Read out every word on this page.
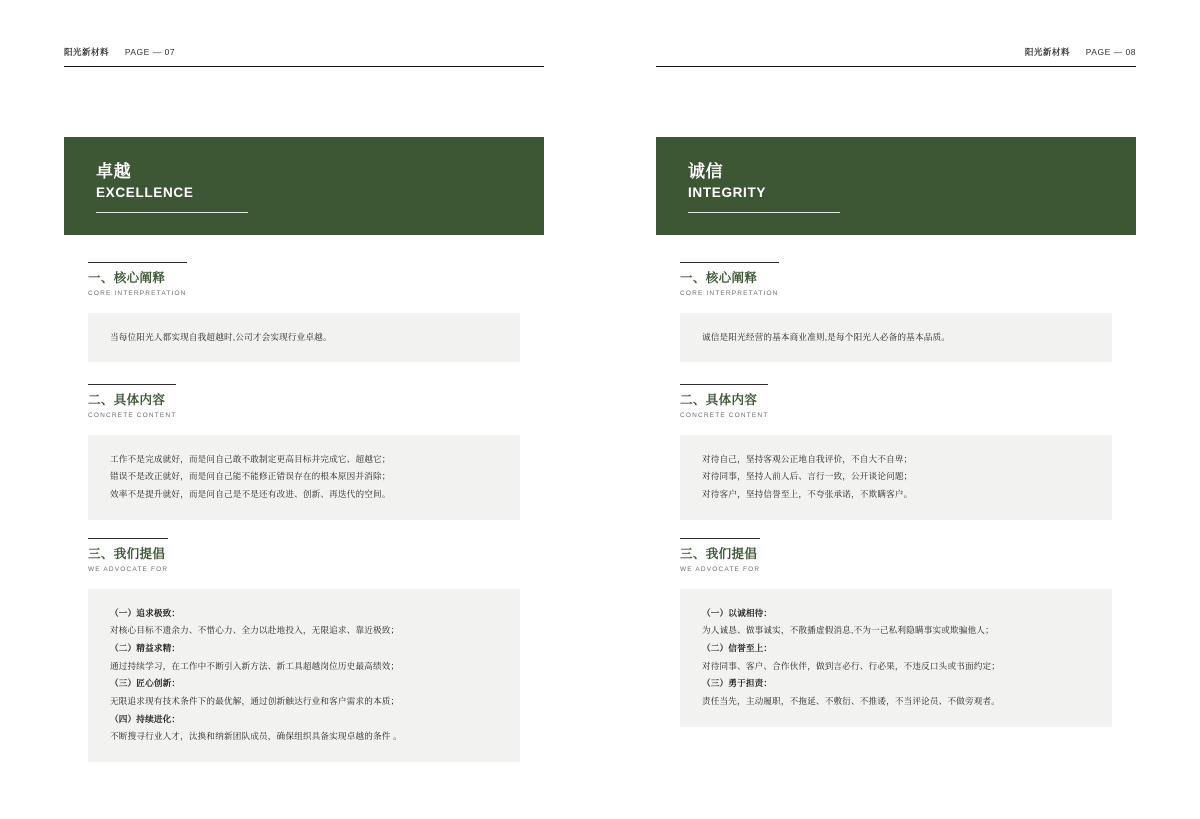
阳光新材料 PAGE — 07
卓越
EXCELLENCE
一、核心阐释
CORE INTERPRETATION

当每位阳光人都实现自我超越时,公司才会实现行业卓越。

二、具体内容
CONCRETE CONTENT

工作不是完成就好，而是问自己敢不敢制定更高目标并完成它、超越它；

错误不是改正就好，而是问自己能不能修正错误存在的根本原因并消除；

效率不是提升就好，而是问自己是不是还有改进、创新、再迭代的空间。

三、我们提倡
WE ADVOCATE FOR

（一）追求极致：

对核心目标不遗余力、不惜心力、全力以赴地投入，无限追求、靠近极致；

（二）精益求精：

通过持续学习，在工作中不断引入新方法、新工具超越岗位历史最高绩效；

（三）匠心创新：

无限追求现有技术条件下的最优解，通过创新触达行业和客户需求的本质；

（四）持续进化：

不断搜寻行业人才，汰换和纳新团队成员，确保组织具备实现卓越的条件 。

阳光新材料 PAGE — 08
诚信
INTEGRITY
一、核心阐释
CORE INTERPRETATION

诚信是阳光经营的基本商业准则,是每个阳光人必备的基本品质。

二、具体内容
CONCRETE CONTENT

对待自己，坚持客观公正地自我评价，不自大不自卑；

对待同事，坚持人前人后、言行一致，公开谈论问题；

对待客户，坚持信誉至上，不夸张承诺，不欺瞒客户。

三、我们提倡
WE ADVOCATE FOR

（一）以诚相待：

为人诚恳、做事诚实，不散播虚假消息,不为一己私利隐瞒事实或欺骗他人；

（二）信誉至上：

对待同事、客户、合作伙伴，做到言必行、行必果，不违反口头或书面约定；

（三）勇于担责：

责任当先，主动履职，不拖延、不敷衍、不推诿，不当评论员、不做旁观者。
